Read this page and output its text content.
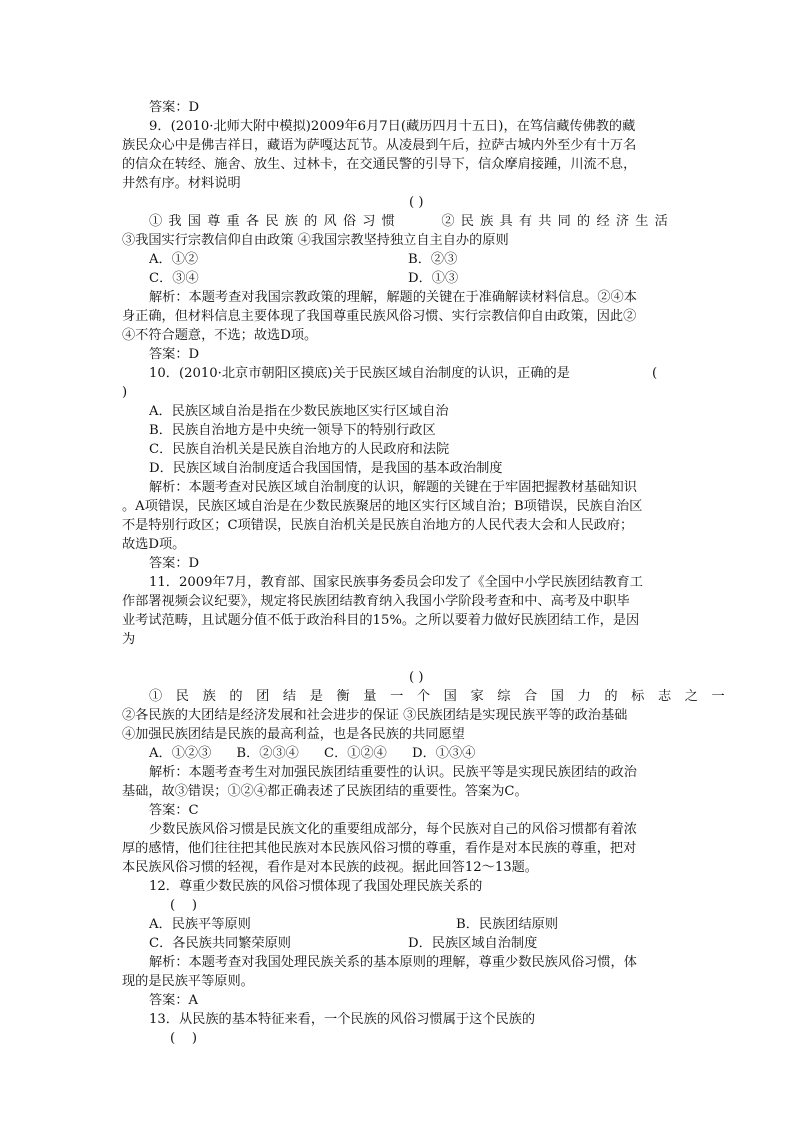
答案：D
9．(2010·北师大附中模拟)2009年6月7日(藏历四月十五日)，在笃信藏传佛教的藏
族民众心中是佛吉祥日，藏语为萨嘎达瓦节。从凌晨到午后，拉萨古城内外至少有十万名
的信众在转经、施舍、放生、过林卡，在交通民警的引导下，信众摩肩接踵，川流不息，
井然有序。材料说明
( )
①我国尊重各民族的风俗习惯	②民族具有共同的经济生活
③我国实行宗教信仰自由政策 ④我国宗教坚持独立自主自办的原则
A．①②	B．②③
C．③④	D．①③
解析：本题考查对我国宗教政策的理解，解题的关键在于准确解读材料信息。②④本
身正确，但材料信息主要体现了我国尊重民族风俗习惯、实行宗教信仰自由政策，因此②
④不符合题意，不选；故选D项。
答案：D
10．(2010·北京市朝阳区摸底)关于民族区域自治制度的认识，正确的是	(
)
A．民族区域自治是指在少数民族地区实行区域自治
B．民族自治地方是中央统一领导下的特别行政区
C．民族自治机关是民族自治地方的人民政府和法院
D．民族区域自治制度适合我国国情，是我国的基本政治制度
解析：本题考查对民族区域自治制度的认识，解题的关键在于牢固把握教材基础知识
。A项错误，民族区域自治是在少数民族聚居的地区实行区域自治；B项错误，民族自治区
不是特别行政区；C项错误，民族自治机关是民族自治地方的人民代表大会和人民政府；
故选D项。
答案：D
11．2009年7月，教育部、国家民族事务委员会印发了《全国中小学民族团结教育工
作部署视频会议纪要》，规定将民族团结教育纳入我国小学阶段考查和中、高考及中职毕
业考试范畴，且试题分值不低于政治科目的15%。之所以要着力做好民族团结工作，是因
为
( )
①民族的团结是衡量一个国家综合国力的标志之一
②各民族的大团结是经济发展和社会进步的保证 ③民族团结是实现民族平等的政治基础
④加强民族团结是民族的最高利益，也是各民族的共同愿望
A．①②③      B．②③④      C．①②④      D．①③④
解析：本题考查考生对加强民族团结重要性的认识。民族平等是实现民族团结的政治
基础，故③错误；①②④都正确表述了民族团结的重要性。答案为C。
答案：C
少数民族风俗习惯是民族文化的重要组成部分，每个民族对自己的风俗习惯都有着浓
厚的感情，他们往往把其他民族对本民族风俗习惯的尊重，看作是对本民族的尊重，把对
本民族风俗习惯的轻视，看作是对本民族的歧视。据此回答12～13题。
12．尊重少数民族的风俗习惯体现了我国处理民族关系的
(    )
A．民族平等原则	B．民族团结原则
C．各民族共同繁荣原则	D．民族区域自治制度
解析：本题考查对我国处理民族关系的基本原则的理解，尊重少数民族风俗习惯，体
现的是民族平等原则。
答案：A
13．从民族的基本特征来看，一个民族的风俗习惯属于这个民族的
(    )
